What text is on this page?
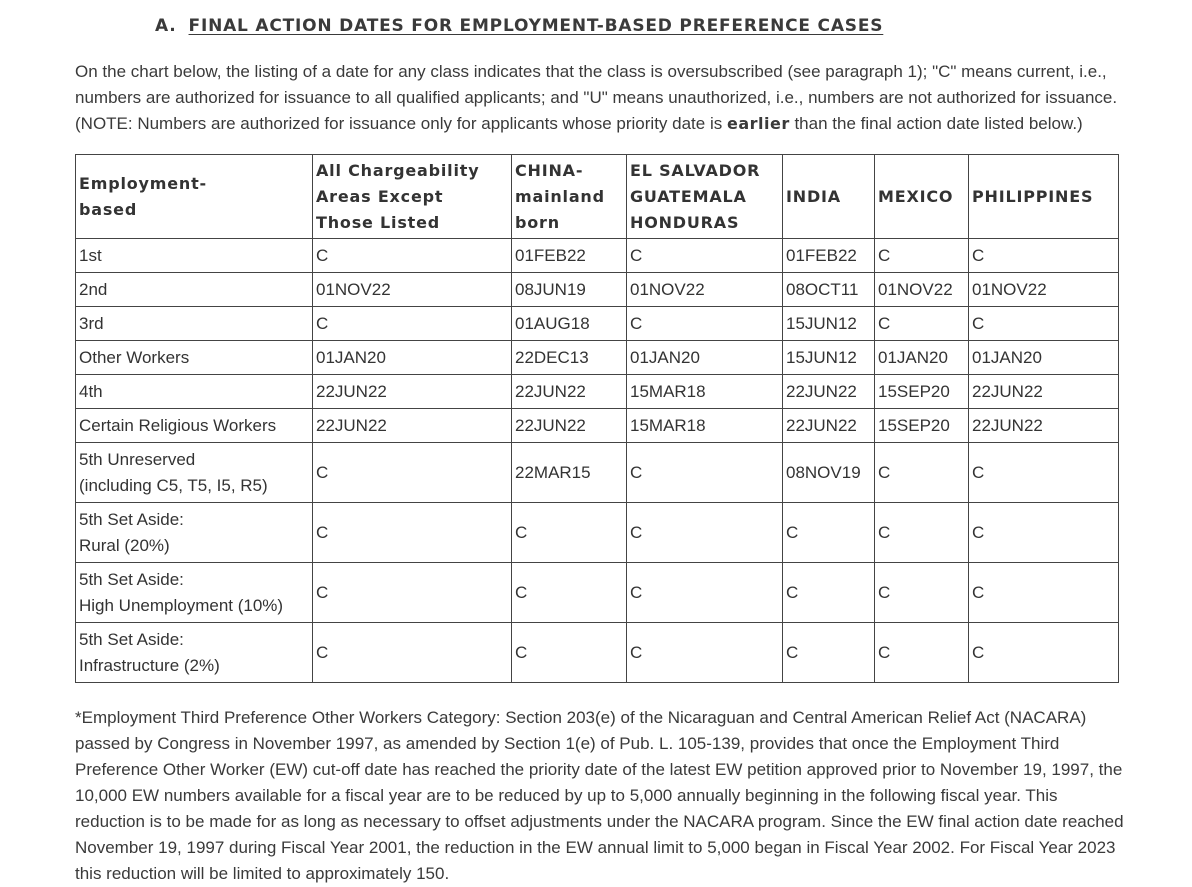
A. FINAL ACTION DATES FOR EMPLOYMENT-BASED PREFERENCE CASES

On the chart below, the listing of a date for any class indicates that the class is oversubscribed (see paragraph 1); "C" means current, i.e., numbers are authorized for issuance to all qualified applicants; and "U" means unauthorized, i.e., numbers are not authorized for issuance. (NOTE: Numbers are authorized for issuance only for applicants whose priority date is earlier than the final action date listed below.)

Employment-
based	All Chargeability
Areas Except
Those Listed	CHINA-
mainland
born	EL SALVADOR
GUATEMALA
HONDURAS	INDIA	MEXICO	PHILIPPINES
1st	C	01FEB22	C	01FEB22	C	C
2nd	01NOV22	08JUN19	01NOV22	08OCT11	01NOV22	01NOV22
3rd	C	01AUG18	C	15JUN12	C	C
Other Workers	01JAN20	22DEC13	01JAN20	15JUN12	01JAN20	01JAN20
4th	22JUN22	22JUN22	15MAR18	22JUN22	15SEP20	22JUN22
Certain Religious Workers	22JUN22	22JUN22	15MAR18	22JUN22	15SEP20	22JUN22
5th Unreserved
(including C5, T5, I5, R5)	C	22MAR15	C	08NOV19	C	C
5th Set Aside:
Rural (20%)	C	C	C	C	C	C
5th Set Aside:
High Unemployment (10%)	C	C	C	C	C	C
5th Set Aside:
Infrastructure (2%)	C	C	C	C	C	C

*Employment Third Preference Other Workers Category: Section 203(e) of the Nicaraguan and Central American Relief Act (NACARA) passed by Congress in November 1997, as amended by Section 1(e) of Pub. L. 105-139, provides that once the Employment Third Preference Other Worker (EW) cut-off date has reached the priority date of the latest EW petition approved prior to November 19, 1997, the 10,000 EW numbers available for a fiscal year are to be reduced by up to 5,000 annually beginning in the following fiscal year. This reduction is to be made for as long as necessary to offset adjustments under the NACARA program. Since the EW final action date reached November 19, 1997 during Fiscal Year 2001, the reduction in the EW annual limit to 5,000 began in Fiscal Year 2002. For Fiscal Year 2023 this reduction will be limited to approximately 150.
